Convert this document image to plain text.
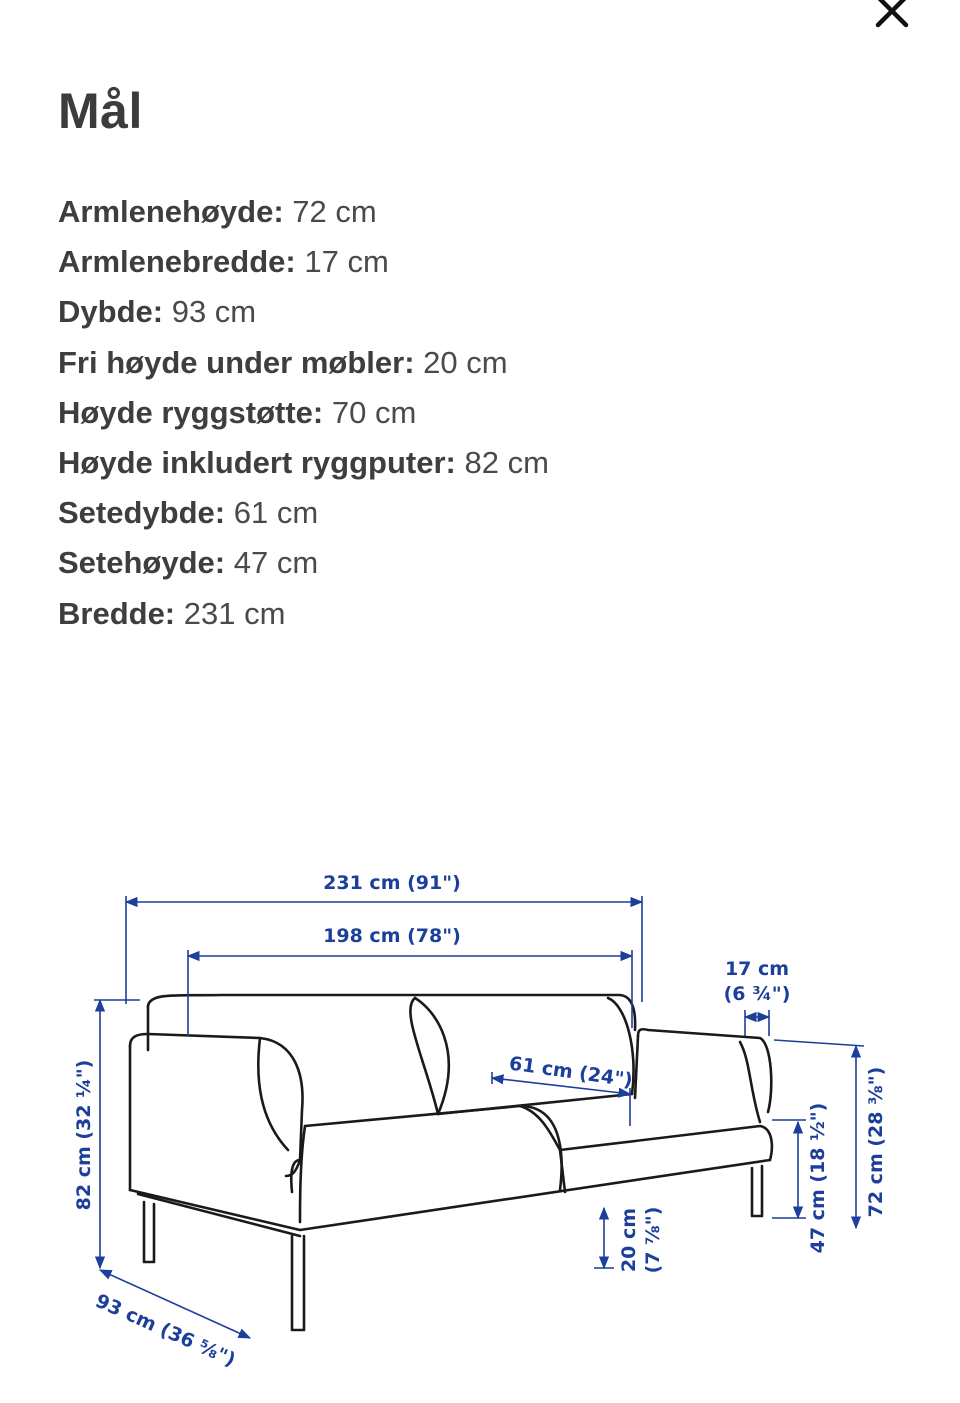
Mål
Armlenehøyde: 72 cm
Armlenebredde: 17 cm
Dybde: 93 cm
Fri høyde under møbler: 20 cm
Høyde ryggstøtte: 70 cm
Høyde inkludert ryggputer: 82 cm
Setedybde: 61 cm
Setehøyde: 47 cm
Bredde: 231 cm
231 cm (91")
198 cm (78")
17 cm
(6 ¾")
61 cm (24")
82 cm (32 ¼")
93 cm (36 ⅝")
20 cm (7 ⅞")	47 cm (18 ½") 72 cm (28 ⅜")
